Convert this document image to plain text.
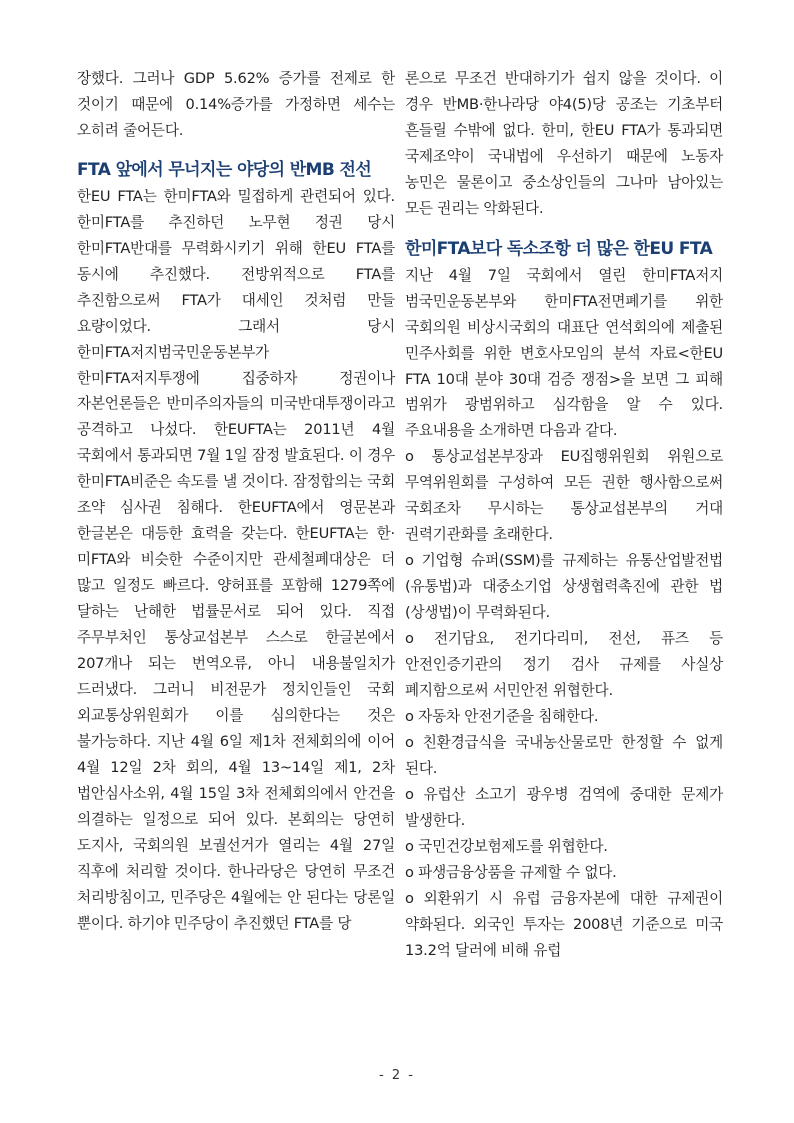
장했다. 그러나 GDP 5.62% 증가를 전제로 한 것이기 때문에 0.14%증가를 가정하면 세수는 오히려 줄어든다.

FTA 앞에서 무너지는 야당의 반MB 전선

한EU FTA는 한미FTA와 밀접하게 관련되어 있다. 한미FTA를 추진하던 노무현 정권 당시 한미FTA반대를 무력화시키기 위해 한EU FTA를 동시에 추진했다. 전방위적으로 FTA를 추진함으로써 FTA가 대세인 것처럼 만들 요량이었다. 그래서 당시 한미FTA저지범국민운동본부가 한미FTA저지투쟁에 집중하자 정권이나 자본언론들은 반미주의자들의 미국반대투쟁이라고 공격하고 나섰다. 한EUFTA는 2011년 4월 국회에서 통과되면 7월 1일 잠정 발효된다. 이 경우 한미FTA비준은 속도를 낼 것이다. 잠정합의는 국회 조약 심사권 침해다. 한EUFTA에서 영문본과 한글본은 대등한 효력을 갖는다. 한EUFTA는 한·미FTA와 비슷한 수준이지만 관세철폐대상은 더 많고 일정도 빠르다. 양허표를 포함해 1279쪽에 달하는 난해한 법률문서로 되어 있다. 직접 주무부처인 통상교섭본부 스스로 한글본에서 207개나 되는 번역오류, 아니 내용불일치가 드러냈다. 그러니 비전문가 정치인들인 국회 외교통상위원회가 이를 심의한다는 것은 불가능하다. 지난 4월 6일 제1차 전체회의에 이어 4월 12일 2차 회의, 4월 13~14일 제1, 2차 법안심사소위, 4월 15일 3차 전체회의에서 안건을 의결하는 일정으로 되어 있다. 본회의는 당연히 도지사, 국회의원 보궐선거가 열리는 4월 27일 직후에 처리할 것이다. 한나라당은 당연히 무조건 처리방침이고, 민주당은 4월에는 안 된다는 당론일 뿐이다. 하기야 민주당이 추진했던 FTA를 당

론으로 무조건 반대하기가 쉽지 않을 것이다. 이 경우 반MB·한나라당 야4(5)당 공조는 기초부터 흔들릴 수밖에 없다. 한미, 한EU FTA가 통과되면 국제조약이 국내법에 우선하기 때문에 노동자 농민은 물론이고 중소상인들의 그나마 남아있는 모든 권리는 악화된다.

한미FTA보다 독소조항 더 많은 한EU FTA

지난 4월 7일 국회에서 열린 한미FTA저지 범국민운동본부와 한미FTA전면폐기를 위한 국회의원 비상시국회의 대표단 연석회의에 제출된 민주사회를 위한 변호사모임의 분석 자료<한EU FTA 10대 분야 30대 검증 쟁점>을 보면 그 피해 범위가 광범위하고 심각함을 알 수 있다. 주요내용을 소개하면 다음과 같다.

o 통상교섭본부장과 EU집행위원회 위원으로 무역위원회를 구성하여 모든 권한 행사함으로써 국회조차 무시하는 통상교섭본부의 거대 권력기관화를 초래한다.

o 기업형 슈퍼(SSM)를 규제하는 유통산업발전법(유통법)과 대중소기업 상생협력촉진에 관한 법(상생법)이 무력화된다.

o 전기담요, 전기다리미, 전선, 퓨즈 등 안전인증기관의 정기 검사 규제를 사실상 폐지함으로써 서민안전 위협한다.

o 자동차 안전기준을 침해한다.

o 친환경급식을 국내농산물로만 한정할 수 없게 된다.

o 유럽산 소고기 광우병 검역에 중대한 문제가 발생한다.

o 국민건강보험제도를 위협한다.

o 파생금융상품을 규제할 수 없다.

o 외환위기 시 유럽 금융자본에 대한 규제권이 약화된다. 외국인 투자는 2008년 기준으로 미국 13.2억 달러에 비해 유럽

- 2 -
